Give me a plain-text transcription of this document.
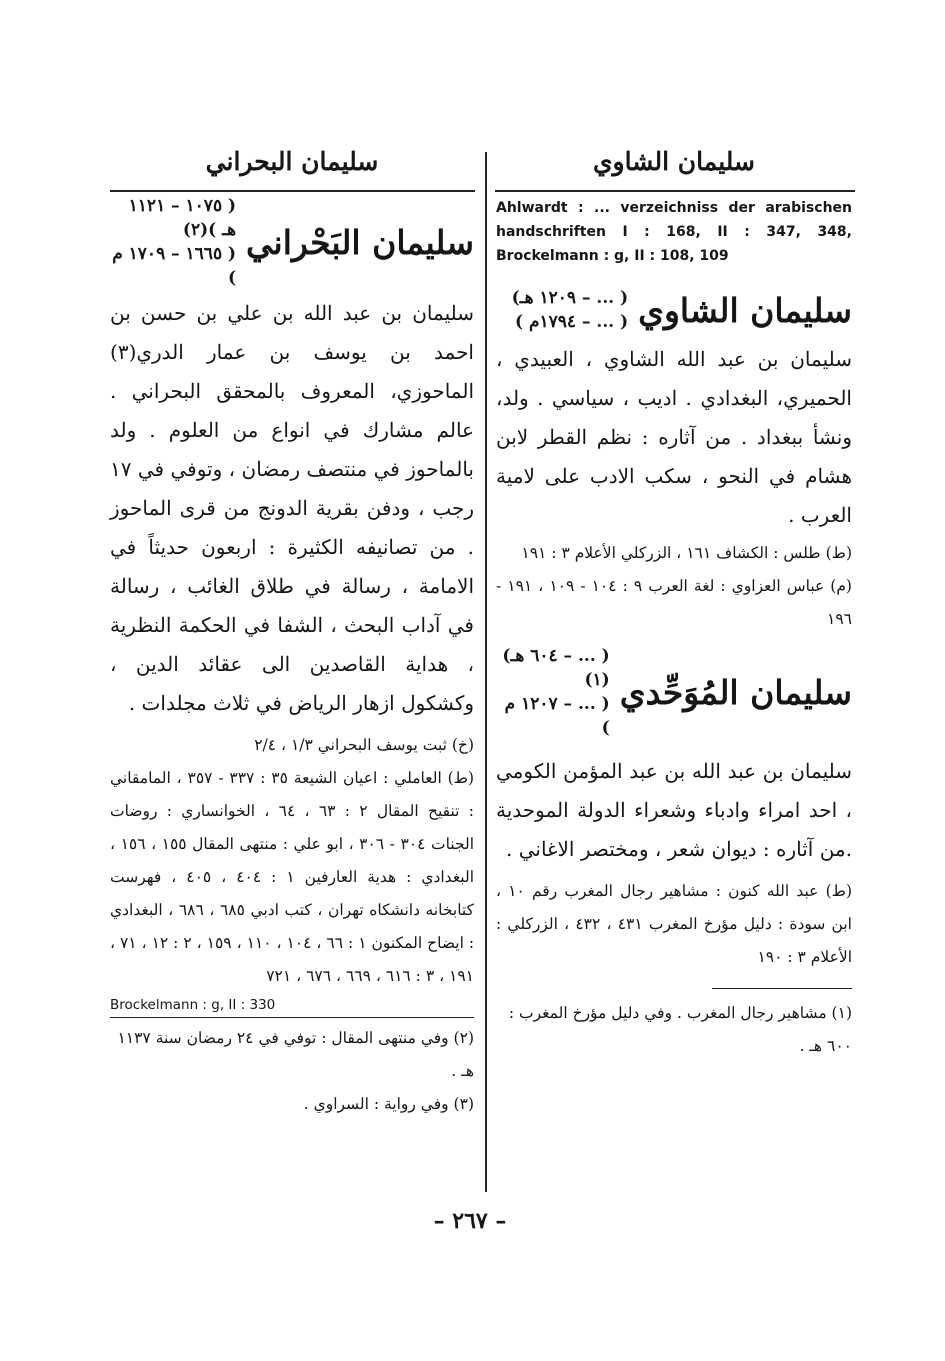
سليمان الشاوي
Ahlwardt : ... verzeichniss der arabischen handschriften I : 168, II : 347, 348, Brockelmann : g, II : 108, 109
سليمان الشاوي
( ... – ١٢٠٩ هـ)
( ... – ١٧٩٤م )
سليمان بن عبد الله الشاوي ، العبيدي ، الحميري، البغدادي . اديب ، سياسي . ولد، ونشأ ببغداد . من آثاره : نظم القطر لابن هشام في النحو ، سكب الادب على لامية العرب .

(ط) طلس : الكشاف ١٦١ ، الزركلي الأعلام ٣ : ١٩١

(م) عباس العزاوي : لغة العرب ٩ : ١٠٤ - ١٠٩ ، ١٩١ - ١٩٦

سليمان المُوَحِّدي
( ... – ٦٠٤ هـ)(١)
( ... – ١٢٠٧ م )
سليمان بن عبد الله بن عبد المؤمن الكومي ، احد امراء وادباء وشعراء الدولة الموحدية .من آثاره : ديوان شعر ، ومختصر الاغاني .

(ط) عبد الله كنون : مشاهير رجال المغرب رقم ١٠ ، ابن سودة : دليل مؤرخ المغرب ٤٣١ ، ٤٣٢ ، الزركلي : الأعلام ٣ : ١٩٠

(١) مشاهير رجال المغرب . وفي دليل مؤرخ المغرب : ٦٠٠ هـ .

سليمان البحراني
سليمان البَحْراني
( ١٠٧٥ – ١١٢١ هـ )(٢)
( ١٦٦٥ – ١٧٠٩ م )
سليمان بن عبد الله بن علي بن حسن بن احمد بن يوسف بن عمار الدري(٣) الماحوزي، المعروف بالمحقق البحراني . عالم مشارك في انواع من العلوم . ولد بالماحوز في منتصف رمضان ، وتوفي في ١٧ رجب ، ودفن بقرية الدونج من قرى الماحوز . من تصانيفه الكثيرة : اربعون حديثاً في الامامة ، رسالة في طلاق الغائب ، رسالة في آداب البحث ، الشفا في الحكمة النظرية ، هداية القاصدين الى عقائد الدين ، وكشكول ازهار الرياض في ثلاث مجلدات .

(خ) ثبت يوسف البحراني ١/٣ ، ٢/٤

(ط) العاملي : اعيان الشيعة ٣٥ : ٣٣٧ - ٣٥٧ ، المامقاني : تنقيح المقال ٢ : ٦٣ ، ٦٤ ، الخوانساري : روضات الجنات ٣٠٤ - ٣٠٦ ، ابو علي : منتهى المقال ١٥٥ ، ١٥٦ ، البغدادي : هدية العارفين ١ : ٤٠٤ ، ٤٠٥ ، فهرست كتابخانه دانشكاه تهران ، كتب ادبي ٦٨٥ ، ٦٨٦ ، البغدادي : ايضاح المكنون ١ : ٦٦ ، ١٠٤ ، ١١٠ ، ١٥٩ ، ٢ : ١٢ ، ٧١ ، ١٩١ ، ٣ : ٦١٦ ، ٦٦٩ ، ٦٧٦ ، ٧٢١

Brockelmann : g, II : 330

(٢) وفي منتهى المقال : توفي في ٢٤ رمضان سنة ١١٣٧ هـ .

(٣) وفي رواية : السراوي .

– ٢٦٧ –
